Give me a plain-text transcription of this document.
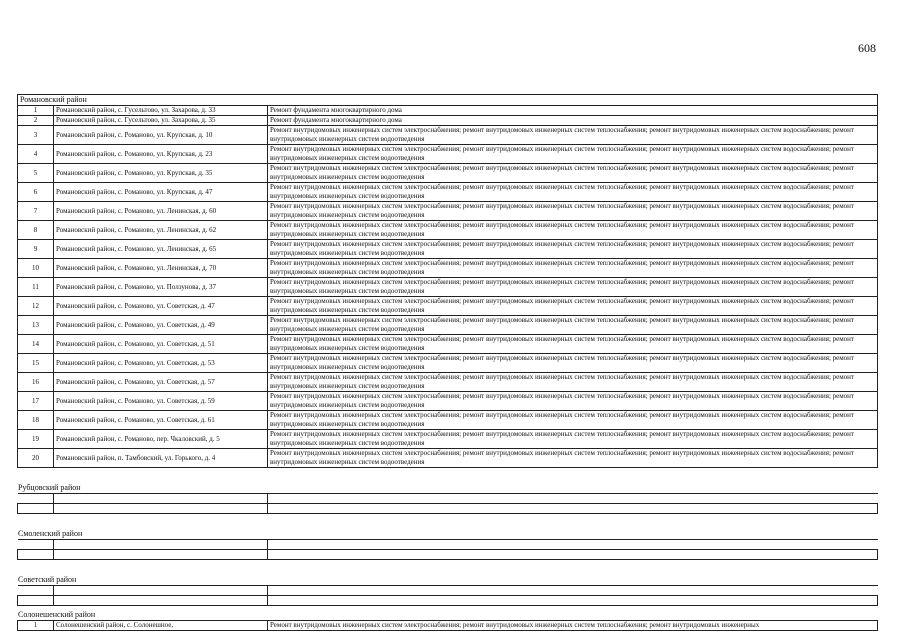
608
Романовский район		
1	Романовский район, с. Гусельтово, ул. Захарова, д. 33	Ремонт фундамента многоквартирного дома
2	Романовский район, с. Гусельтово, ул. Захарова, д. 35	Ремонт фундамента многоквартирного дома
3	Романовский район, с. Романово, ул. Крупская, д. 10	Ремонт внутридомовых инженерных систем электроснабжения; ремонт внутридомовых инженерных систем теплоснабжения; ремонт внутридомовых инженерных систем водоснабжения; ремонт внутридомовых инженерных систем водоотведения
4	Романовский район, с. Романово, ул. Крупская, д. 23	Ремонт внутридомовых инженерных систем электроснабжения; ремонт внутридомовых инженерных систем теплоснабжения; ремонт внутридомовых инженерных систем водоснабжения; ремонт внутридомовых инженерных систем водоотведения
5	Романовский район, с. Романово, ул. Крупская, д. 35	Ремонт внутридомовых инженерных систем электроснабжения; ремонт внутридомовых инженерных систем теплоснабжения; ремонт внутридомовых инженерных систем водоснабжения; ремонт внутридомовых инженерных систем водоотведения
6	Романовский район, с. Романово, ул. Крупская, д. 47	Ремонт внутридомовых инженерных систем электроснабжения; ремонт внутридомовых инженерных систем теплоснабжения; ремонт внутридомовых инженерных систем водоснабжения; ремонт внутридомовых инженерных систем водоотведения
7	Романовский район, с. Романово, ул. Ленинская, д. 60	Ремонт внутридомовых инженерных систем электроснабжения; ремонт внутридомовых инженерных систем теплоснабжения; ремонт внутридомовых инженерных систем водоснабжения; ремонт внутридомовых инженерных систем водоотведения
8	Романовский район, с. Романово, ул. Ленинская, д. 62	Ремонт внутридомовых инженерных систем электроснабжения; ремонт внутридомовых инженерных систем теплоснабжения; ремонт внутридомовых инженерных систем водоснабжения; ремонт внутридомовых инженерных систем водоотведения
9	Романовский район, с. Романово, ул. Ленинская, д. 65	Ремонт внутридомовых инженерных систем электроснабжения; ремонт внутридомовых инженерных систем теплоснабжения; ремонт внутридомовых инженерных систем водоснабжения; ремонт внутридомовых инженерных систем водоотведения
10	Романовский район, с. Романово, ул. Ленинская, д. 70	Ремонт внутридомовых инженерных систем электроснабжения; ремонт внутридомовых инженерных систем теплоснабжения; ремонт внутридомовых инженерных систем водоснабжения; ремонт внутридомовых инженерных систем водоотведения
11	Романовский район, с. Романово, ул. Ползунова, д. 37	Ремонт внутридомовых инженерных систем электроснабжения; ремонт внутридомовых инженерных систем теплоснабжения; ремонт внутридомовых инженерных систем водоснабжения; ремонт внутридомовых инженерных систем водоотведения
12	Романовский район, с. Романово, ул. Советская, д. 47	Ремонт внутридомовых инженерных систем электроснабжения; ремонт внутридомовых инженерных систем теплоснабжения; ремонт внутридомовых инженерных систем водоснабжения; ремонт внутридомовых инженерных систем водоотведения
13	Романовский район, с. Романово, ул. Советская, д. 49	Ремонт внутридомовых инженерных систем электроснабжения; ремонт внутридомовых инженерных систем теплоснабжения; ремонт внутридомовых инженерных систем водоснабжения; ремонт внутридомовых инженерных систем водоотведения
14	Романовский район, с. Романово, ул. Советская, д. 51	Ремонт внутридомовых инженерных систем электроснабжения; ремонт внутридомовых инженерных систем теплоснабжения; ремонт внутридомовых инженерных систем водоснабжения; ремонт внутридомовых инженерных систем водоотведения
15	Романовский район, с. Романово, ул. Советская, д. 53	Ремонт внутридомовых инженерных систем электроснабжения; ремонт внутридомовых инженерных систем теплоснабжения; ремонт внутридомовых инженерных систем водоснабжения; ремонт внутридомовых инженерных систем водоотведения
16	Романовский район, с. Романово, ул. Советская, д. 57	Ремонт внутридомовых инженерных систем электроснабжения; ремонт внутридомовых инженерных систем теплоснабжения; ремонт внутридомовых инженерных систем водоснабжения; ремонт внутридомовых инженерных систем водоотведения
17	Романовский район, с. Романово, ул. Советская, д. 59	Ремонт внутридомовых инженерных систем электроснабжения; ремонт внутридомовых инженерных систем теплоснабжения; ремонт внутридомовых инженерных систем водоснабжения; ремонт внутридомовых инженерных систем водоотведения
18	Романовский район, с. Романово, ул. Советская, д. 61	Ремонт внутридомовых инженерных систем электроснабжения; ремонт внутридомовых инженерных систем теплоснабжения; ремонт внутридомовых инженерных систем водоснабжения; ремонт внутридомовых инженерных систем водоотведения
19	Романовский район, с. Романово, пер. Чкаловский, д. 5	Ремонт внутридомовых инженерных систем электроснабжения; ремонт внутридомовых инженерных систем теплоснабжения; ремонт внутридомовых инженерных систем водоснабжения; ремонт внутридомовых инженерных систем водоотведения
20	Романовский район, п. Тамбовский, ул. Горького, д. 4	Ремонт внутридомовых инженерных систем электроснабжения; ремонт внутридомовых инженерных систем теплоснабжения; ремонт внутридомовых инженерных систем водоснабжения; ремонт внутридомовых инженерных систем водоотведения
Рубцовский район

Смоленский район

Советский район

Солонешенский район
1	Солонешенский район, с. Солонешное,	Ремонт внутридомовых инженерных систем электроснабжения; ремонт внутридомовых инженерных систем теплоснабжения; ремонт внутридомовых инженерных
